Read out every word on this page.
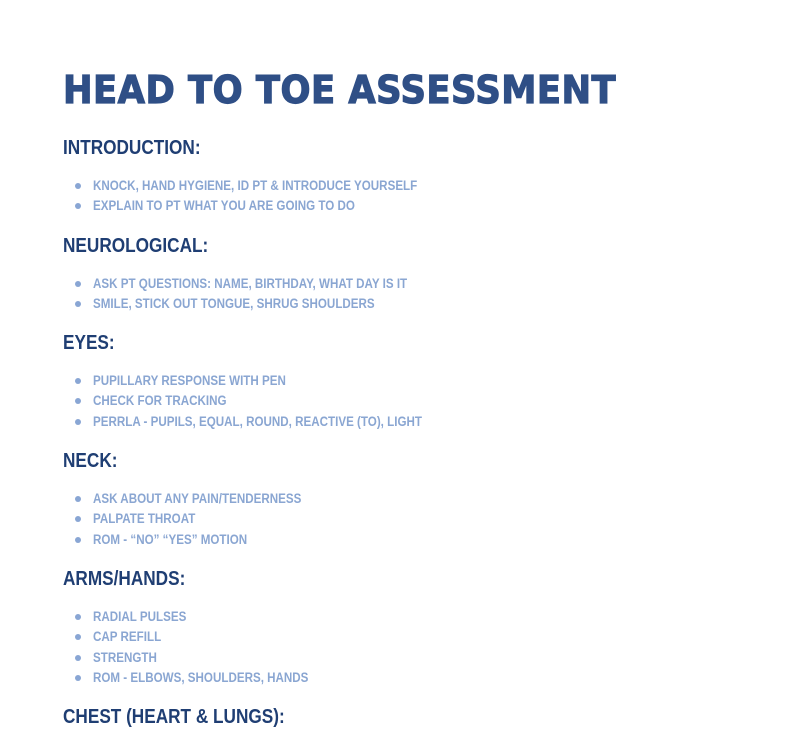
HEAD TO TOE ASSESSMENT
INTRODUCTION:
KNOCK, HAND HYGIENE, ID PT & INTRODUCE YOURSELF
EXPLAIN TO PT WHAT YOU ARE GOING TO DO
NEUROLOGICAL:
ASK PT QUESTIONS: NAME, BIRTHDAY, WHAT DAY IS IT
SMILE, STICK OUT TONGUE, SHRUG SHOULDERS
EYES:
PUPILLARY RESPONSE WITH PEN
CHECK FOR TRACKING
PERRLA - PUPILS, EQUAL, ROUND, REACTIVE (TO), LIGHT
NECK:
ASK ABOUT ANY PAIN/TENDERNESS
PALPATE THROAT
ROM - “NO” “YES” MOTION
ARMS/HANDS:
RADIAL PULSES
CAP REFILL
STRENGTH
ROM - ELBOWS, SHOULDERS, HANDS
CHEST (HEART & LUNGS):
